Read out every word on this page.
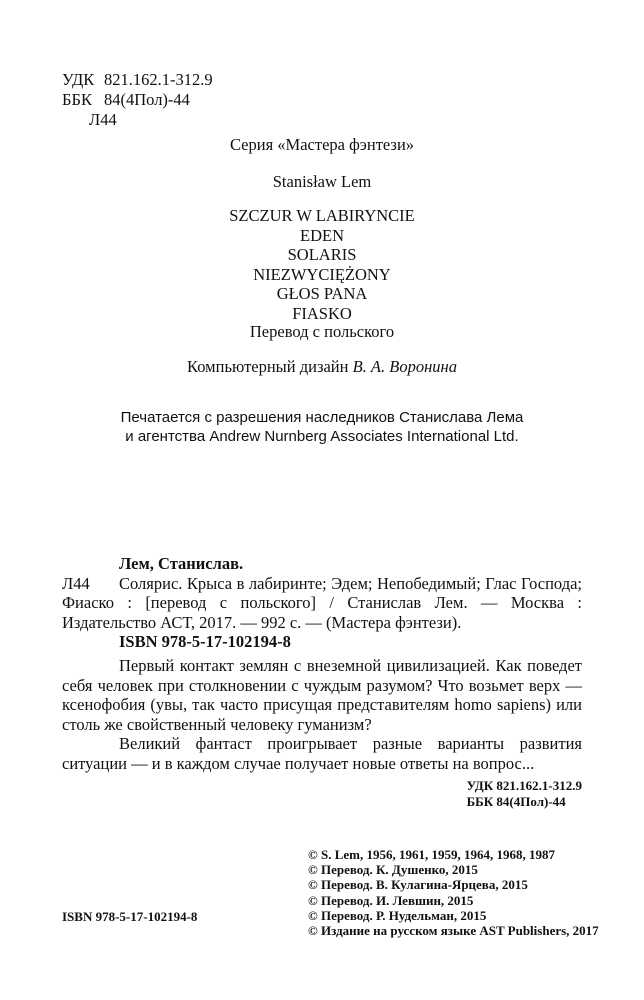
УДК 821.162.1-312.9
ББК 84(4Пол)-44
Л44
Серия «Мастера фэнтези»
Stanisław Lem
SZCZUR W LABIRYNCIE
EDEN
SOLARIS
NIEZWYCIĘŻONY
GŁOS PANA
FIASKO
Перевод с польского
Компьютерный дизайн В. А. Воронина
Печатается с разрешения наследников Станислава Лема
и агентства Andrew Nurnberg Associates International Ltd.
Лем, Станислав.
Л44	Солярис. Крыса в лабиринте; Эдем; Непобедимый; Глас Господа; Фиаско : [перевод с польского] / Станислав Лем. — Москва : Издательство АСТ, 2017. — 992 с. — (Мастера фэнтези).
ISBN 978-5-17-102194-8
Первый контакт землян с внеземной цивилизацией. Как поведет себя человек при столкновении с чуждым разумом? Что возьмет верх — ксенофобия (увы, так часто присущая представителям homo sapiens) или столь же свойственный человеку гуманизм?
Великий фантаст проигрывает разные варианты развития ситуации — и в каждом случае получает новые ответы на вопрос...
УДК 821.162.1-312.9
ББК 84(4Пол)-44
© S. Lem, 1956, 1961, 1959, 1964, 1968, 1987
© Перевод. К. Душенко, 2015
© Перевод. В. Кулагина-Ярцева, 2015
© Перевод. И. Левшин, 2015
© Перевод. Р. Нудельман, 2015
© Издание на русском языке AST Publishers, 2017
ISBN 978-5-17-102194-8
